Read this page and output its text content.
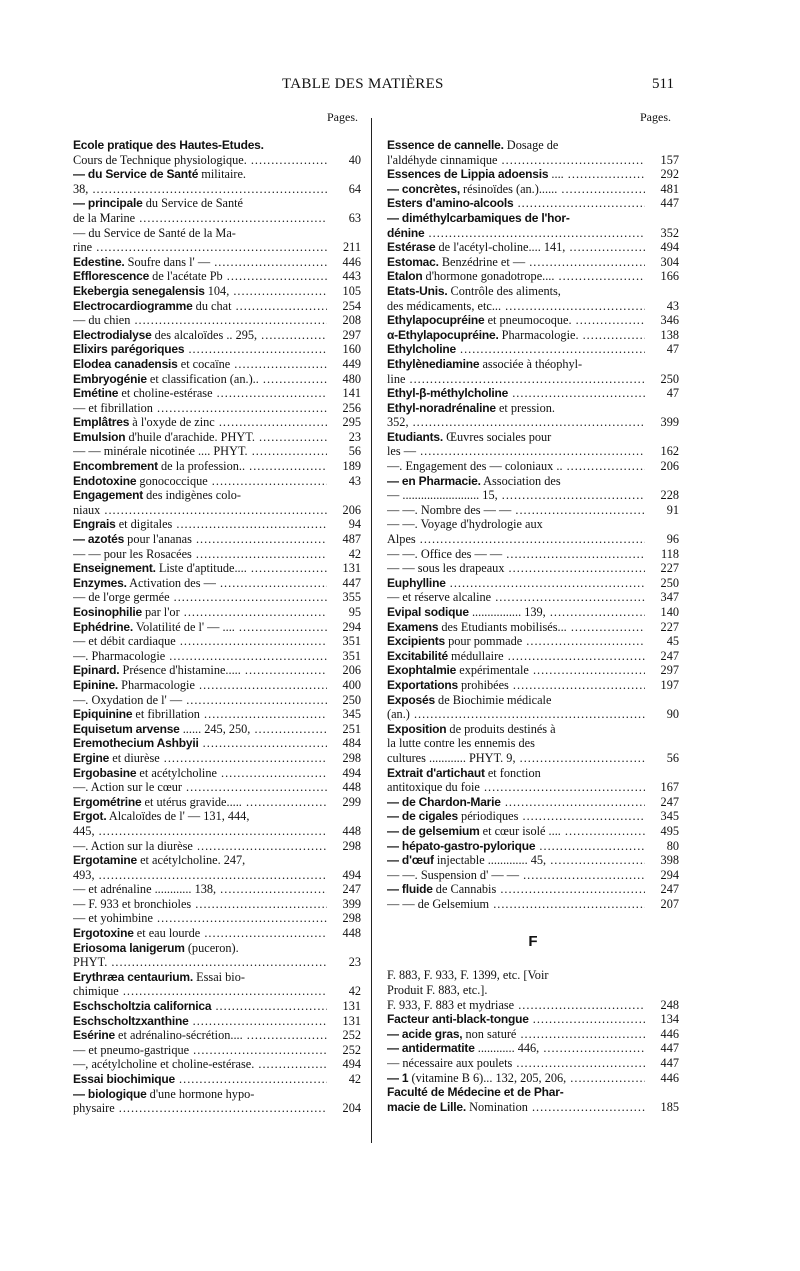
TABLE DES MATIÈRES	511
Pages.	Pages.
Ecole pratique des Hautes-Etudes.
Cours de Technique physiologique. .....	40
— du Service de Santé militaire.
38, .....	64
— principale du Service de Santé
de la Marine .....	63
— du Service de Santé de la Ma-
rine .....	211
Edestine. Soufre dans l' — .....	446
Efflorescence de l'acétate Pb .....	443
Ekebergia senegalensis 104, .....	105
Electrocardiogramme du chat .....	254
— du chien .....	208
Electrodialyse des alcaloïdes .. 295, .....	297
Elixirs parégoriques .....	160
Elodea canadensis et cocaïne .....	449
Embryogénie et classification (an.).. .....	480
Emétine et choline-estérase .....	141
— et fibrillation .....	256
Emplâtres à l'oxyde de zinc .....	295
Emulsion d'huile d'arachide. PHYT. .....	23
— — minérale nicotinée .... PHYT. .....	56
Encombrement de la profession.. .....	189
Endotoxine gonococcique .....	43
Engagement des indigènes colo-
niaux .....	206
Engrais et digitales .....	94
— azotés pour l'ananas .....	487
— — pour les Rosacées .....	42
Enseignement. Liste d'aptitude.... .....	131
Enzymes. Activation des — .....	447
— de l'orge germée .....	355
Eosinophilie par l'or .....	95
Ephédrine. Volatilité de l' — .... .....	294
— et débit cardiaque .....	351
—. Pharmacologie .....	351
Epinard. Présence d'histamine..... .....	206
Epinine. Pharmacologie .....	400
—. Oxydation de l' — .....	250
Epiquinine et fibrillation .....	345
Equisetum arvense ...... 245, 250, .....	251
Eremothecium Ashbyii .....	484
Ergine et diurèse .....	298
Ergobasine et acétylcholine .....	494
—. Action sur le cœur .....	448
Ergométrine et utérus gravide..... .....	299
Ergot. Alcaloïdes de l' — 131, 444,
445, .....	448
—. Action sur la diurèse .....	298
Ergotamine et acétylcholine. 247,
493, .....	494
— et adrénaline ............ 138, .....	247
— F. 933 et bronchioles .....	399
— et yohimbine .....	298
Ergotoxine et eau lourde .....	448
Eriosoma lanigerum (puceron).
PHYT. .....	23
Erythræa centaurium. Essai bio-
chimique .....	42
Eschscholtzia californica .....	131
Eschscholtzxanthine .....	131
Esérine et adrénalino-sécrétion.... .....	252
— et pneumo-gastrique .....	252
—, acétylcholine et choline-estérase. .....	494
Essai biochimique .....	42
— biologique d'une hormone hypo-
physaire .....	204
Essence de cannelle. Dosage de
l'aldéhyde cinnamique .....	157
Essences de Lippia adoensis .... .....	292
— concrètes, résinoïdes (an.)...... .....	481
Esters d'amino-alcools .....	447
— diméthylcarbamiques de l'hor-
dénine .....	352
Estérase de l'acétyl-choline.... 141, .....	494
Estomac. Benzédrine et — .....	304
Etalon d'hormone gonadotrope.... .....	166
Etats-Unis. Contrôle des aliments,
des médicaments, etc... .....	43
Ethylapocupréine et pneumocoque. .....	346
α-Ethylapocupréine. Pharmacologie. .....	138
Ethylcholine .....	47
Ethylènediamine associée à théophyl-
line .....	250
Ethyl-β-méthylcholine .....	47
Ethyl-noradrénaline et pression.
352, .....	399
Etudiants. Œuvres sociales pour
les — .....	162
—. Engagement des — coloniaux .. .....	206
— en Pharmacie. Association des
— ......................... 15, .....	228
— —. Nombre des — — .....	91
— —. Voyage d'hydrologie aux
Alpes .....	96
— —. Office des — — .....	118
— — sous les drapeaux .....	227
Euphylline .....	250
— et réserve alcaline .....	347
Evipal sodique ................ 139, .....	140
Examens des Etudiants mobilisés... .....	227
Excipients pour pommade .....	45
Excitabilité médullaire .....	247
Exophtalmie expérimentale .....	297
Exportations prohibées .....	197
Exposés de Biochimie médicale
(an.) .....	90
Exposition de produits destinés à
la lutte contre les ennemis des
cultures ............ PHYT. 9, .....	56
Extrait d'artichaut et fonction
antitoxique du foie .....	167
— de Chardon-Marie .....	247
— de cigales périodiques .....	345
— de gelsemium et cœur isolé .... .....	495
— hépato-gastro-pylorique .....	80
— d'œuf injectable ............. 45, .....	398
— —. Suspension d' — — .....	294
— fluide de Cannabis .....	247
— — de Gelsemium .....	207
F
F. 883, F. 933, F. 1399, etc. [Voir
Produit F. 883, etc.].
F. 933, F. 883 et mydriase .....	248
Facteur anti-black-tongue .....	134
— acide gras, non saturé .....	446
— antidermatite ............ 446, .....	447
— nécessaire aux poulets .....	447
— 1 (vitamine B 6)... 132, 205, 206, .....	446
Faculté de Médecine et de Phar-
macie de Lille. Nomination .....	185
